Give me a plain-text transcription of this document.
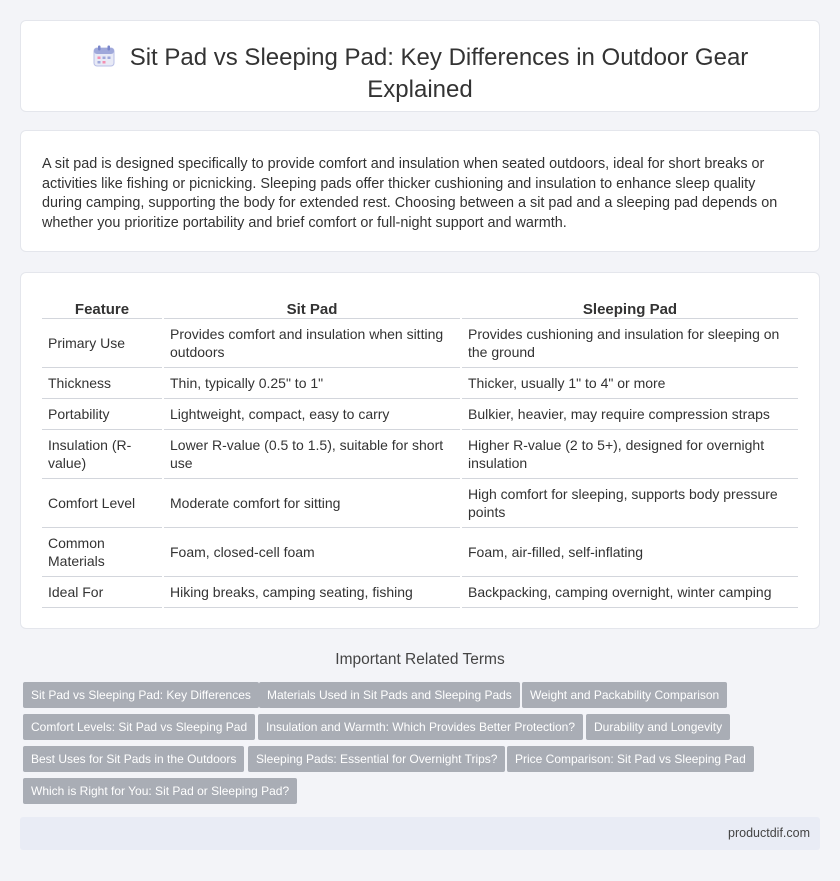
Sit Pad vs Sleeping Pad: Key Differences in Outdoor Gear
Explained

A sit pad is designed specifically to provide comfort and insulation when seated outdoors, ideal for short breaks or activities like fishing or picnicking. Sleeping pads offer thicker cushioning and insulation to enhance sleep quality during camping, supporting the body for extended rest. Choosing between a sit pad and a sleeping pad depends on whether you prioritize portability and brief comfort or full-night support and warmth.

Feature	Sit Pad	Sleeping Pad
Primary Use	Provides comfort and insulation when sitting outdoors	Provides cushioning and insulation for sleeping on the ground
Thickness	Thin, typically 0.25" to 1"	Thicker, usually 1" to 4" or more
Portability	Lightweight, compact, easy to carry	Bulkier, heavier, may require compression straps
Insulation (R-value)	Lower R-value (0.5 to 1.5), suitable for short use	Higher R-value (2 to 5+), designed for overnight insulation
Comfort Level	Moderate comfort for sitting	High comfort for sleeping, supports body pressure points
Common Materials	Foam, closed-cell foam	Foam, air-filled, self-inflating
Ideal For	Hiking breaks, camping seating, fishing	Backpacking, camping overnight, winter camping
Important Related Terms
Sit Pad vs Sleeping Pad: Key Differences	Materials Used in Sit Pads and Sleeping Pads	Weight and Packability Comparison
Comfort Levels: Sit Pad vs Sleeping Pad	Insulation and Warmth: Which Provides Better Protection?	Durability and Longevity
Best Uses for Sit Pads in the Outdoors	Sleeping Pads: Essential for Overnight Trips?	Price Comparison: Sit Pad vs Sleeping Pad
Which is Right for You: Sit Pad or Sleeping Pad?
productdif.com
